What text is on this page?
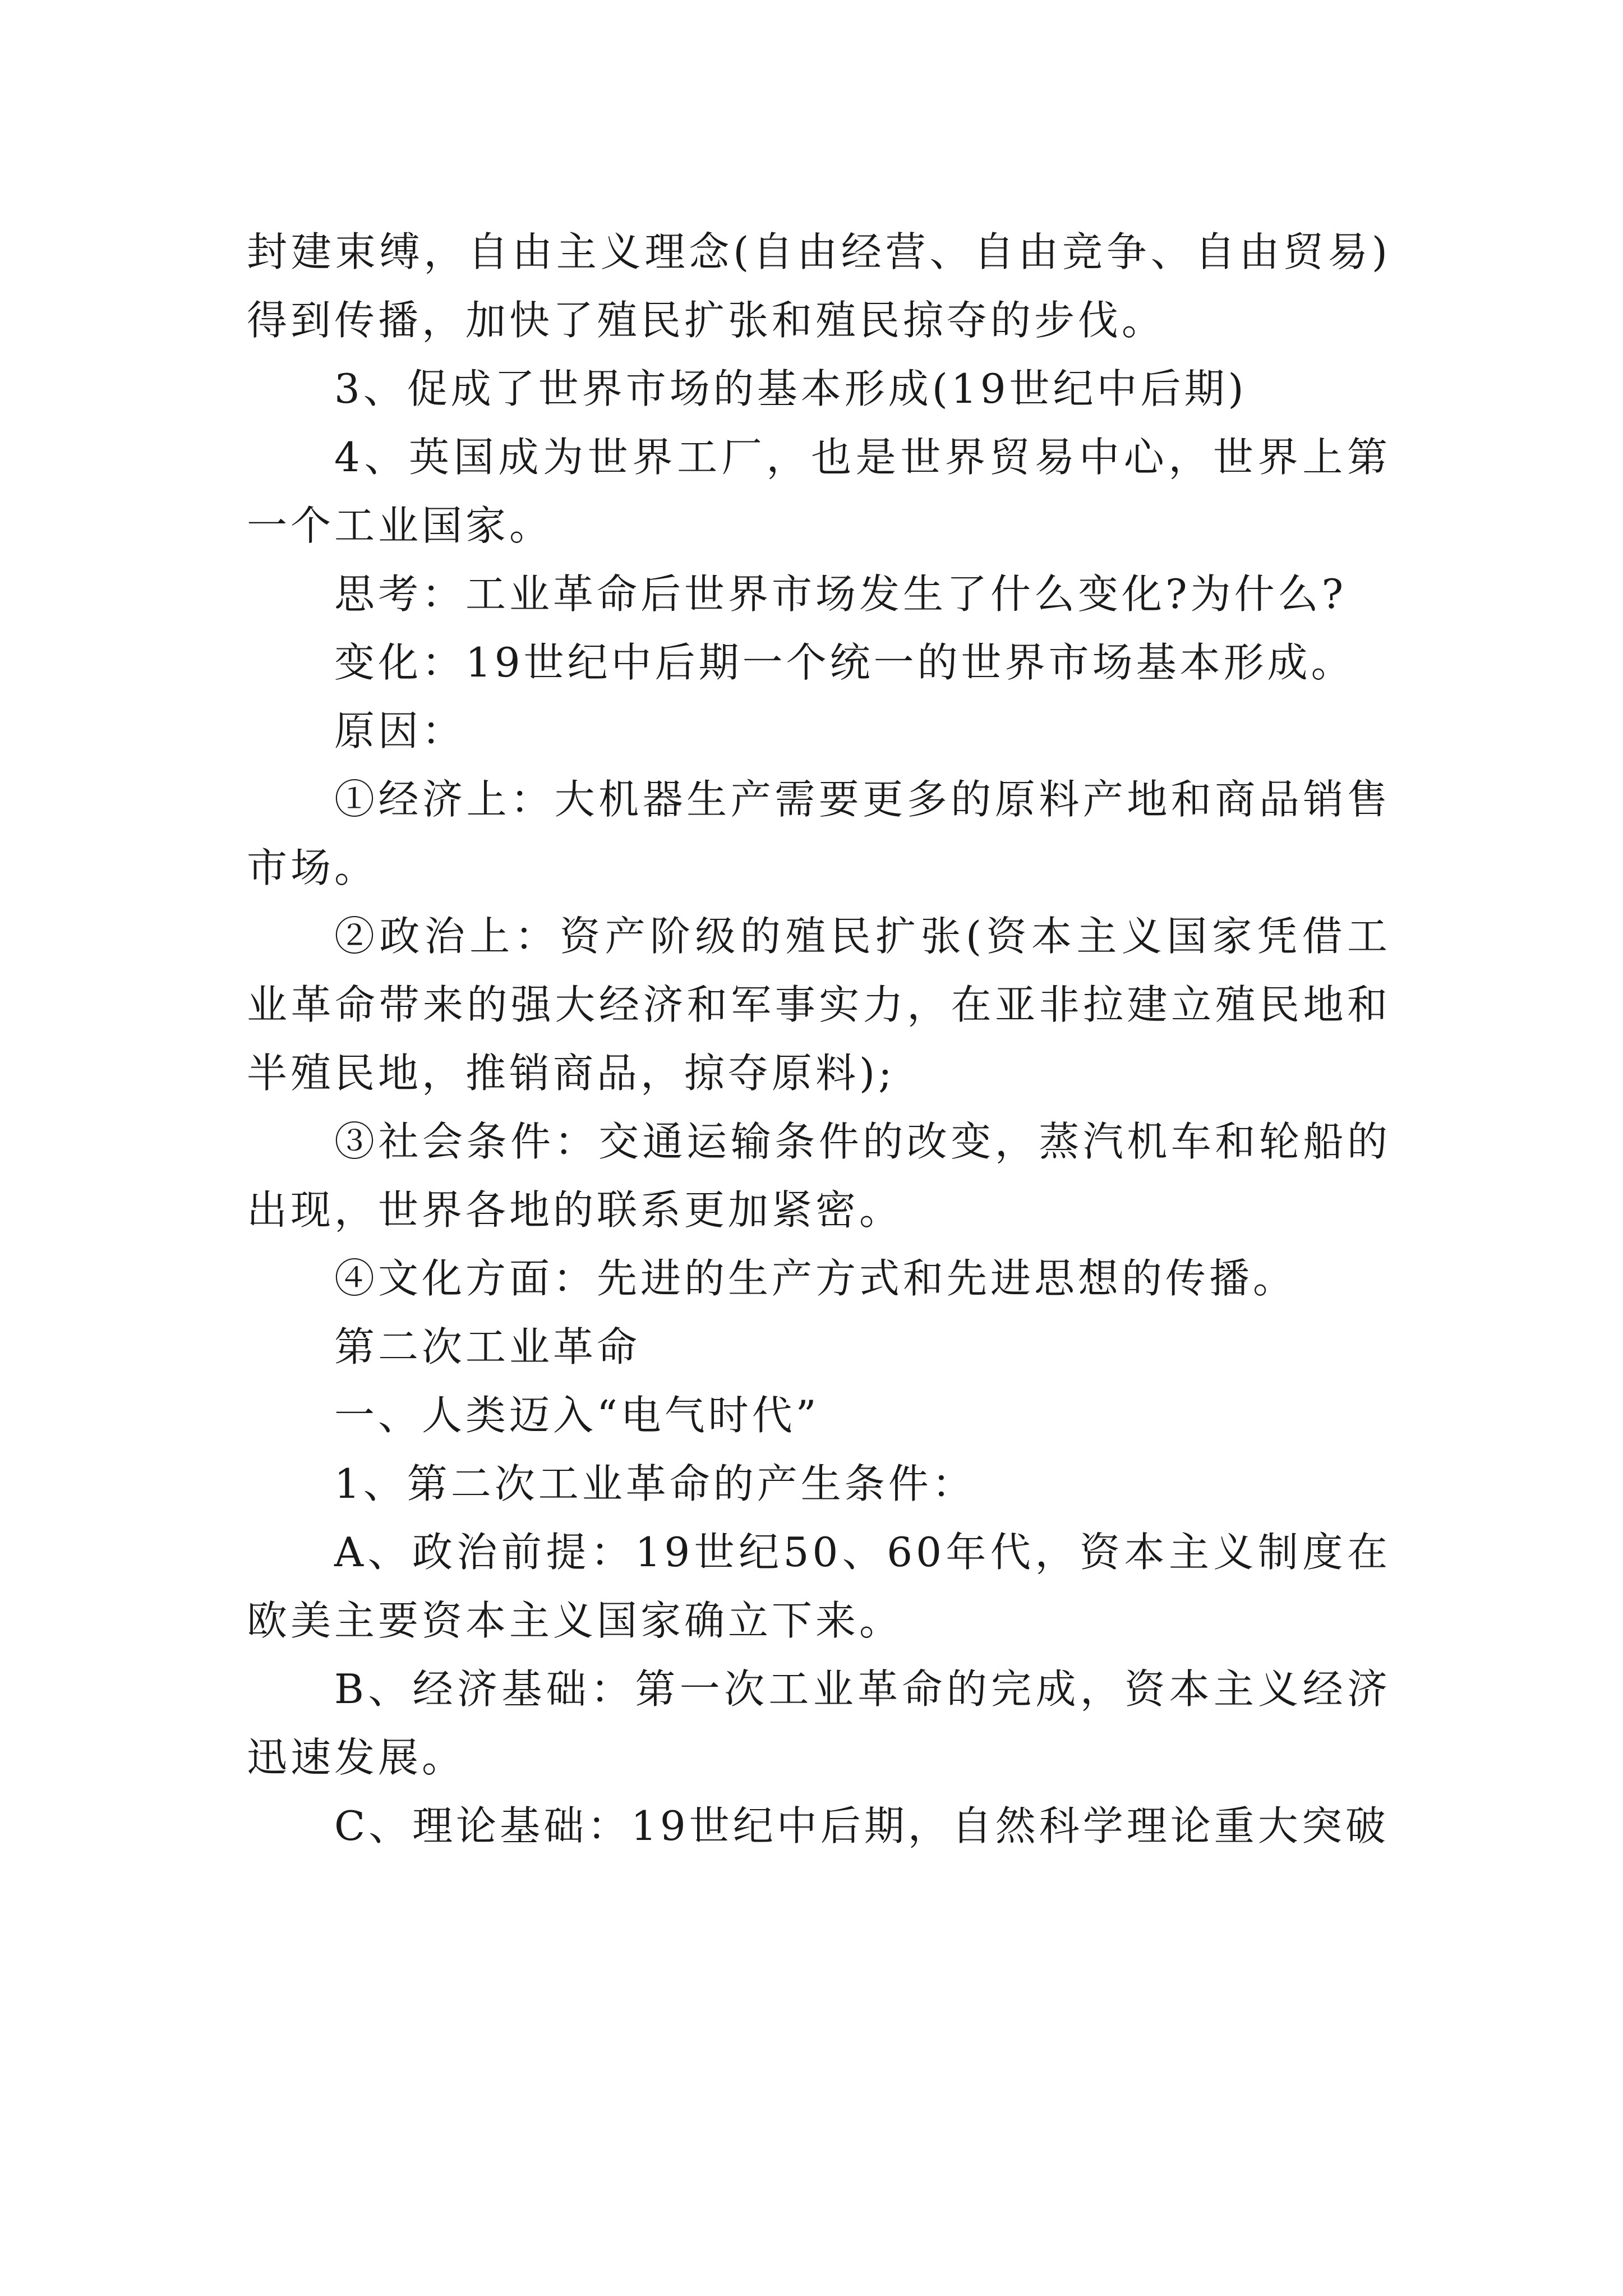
封建束缚，自由主义理念(自由经营、自由竞争、自由贸易)得到传播，加快了殖民扩张和殖民掠夺的步伐。

3、促成了世界市场的基本形成(19世纪中后期)

4、英国成为世界工厂，也是世界贸易中心，世界上第一个工业国家。

思考：工业革命后世界市场发生了什么变化?为什么?

变化：19世纪中后期一个统一的世界市场基本形成。

原因：

①经济上：大机器生产需要更多的原料产地和商品销售市场。

②政治上：资产阶级的殖民扩张(资本主义国家凭借工业革命带来的强大经济和军事实力，在亚非拉建立殖民地和半殖民地，推销商品，掠夺原料);

③社会条件：交通运输条件的改变，蒸汽机车和轮船的出现，世界各地的联系更加紧密。

④文化方面：先进的生产方式和先进思想的传播。

第二次工业革命

一、人类迈入“电气时代”

1、第二次工业革命的产生条件：

A、政治前提：19世纪50、60年代，资本主义制度在欧美主要资本主义国家确立下来。

B、经济基础：第一次工业革命的完成，资本主义经济迅速发展。

C、理论基础：19世纪中后期，自然科学理论重大突破
